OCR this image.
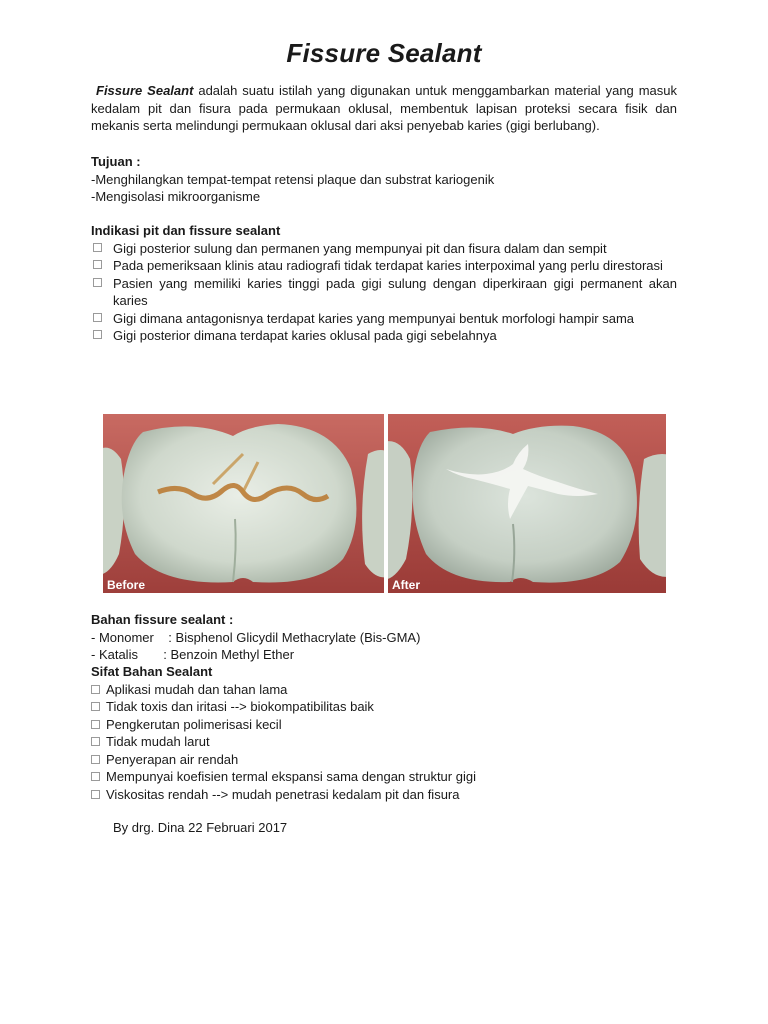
Fissure Sealant
Fissure Sealant adalah suatu istilah yang digunakan untuk menggambarkan material yang masuk kedalam pit dan fisura pada permukaan oklusal, membentuk lapisan proteksi secara fisik dan mekanis serta melindungi permukaan oklusal dari aksi penyebab karies (gigi berlubang).
Tujuan :
-Menghilangkan tempat-tempat retensi plaque dan substrat kariogenik
-Mengisolasi mikroorganisme
Indikasi pit dan fissure sealant
Gigi posterior sulung dan permanen yang mempunyai pit dan fisura dalam dan sempit
Pada pemeriksaan klinis atau radiografi tidak terdapat karies interpoximal yang perlu direstorasi
Pasien yang memiliki karies tinggi pada gigi sulung dengan diperkiraan gigi permanent akan karies
Gigi dimana antagonisnya terdapat karies yang mempunyai bentuk morfologi hampir sama
Gigi posterior dimana terdapat karies oklusal pada gigi sebelahnya
Before	After
Bahan fissure sealant :
- Monomer    : Bisphenol Glicydil Methacrylate (Bis-GMA)
- Katalis       : Benzoin Methyl Ether
Sifat Bahan Sealant
Aplikasi mudah dan tahan lama
Tidak toxis dan iritasi --> biokompatibilitas baik
Pengkerutan polimerisasi kecil
Tidak mudah larut
Penyerapan air rendah
Mempunyai koefisien termal ekspansi sama dengan struktur gigi
Viskositas rendah --> mudah penetrasi kedalam pit dan fisura
By drg. Dina 22 Februari 2017
